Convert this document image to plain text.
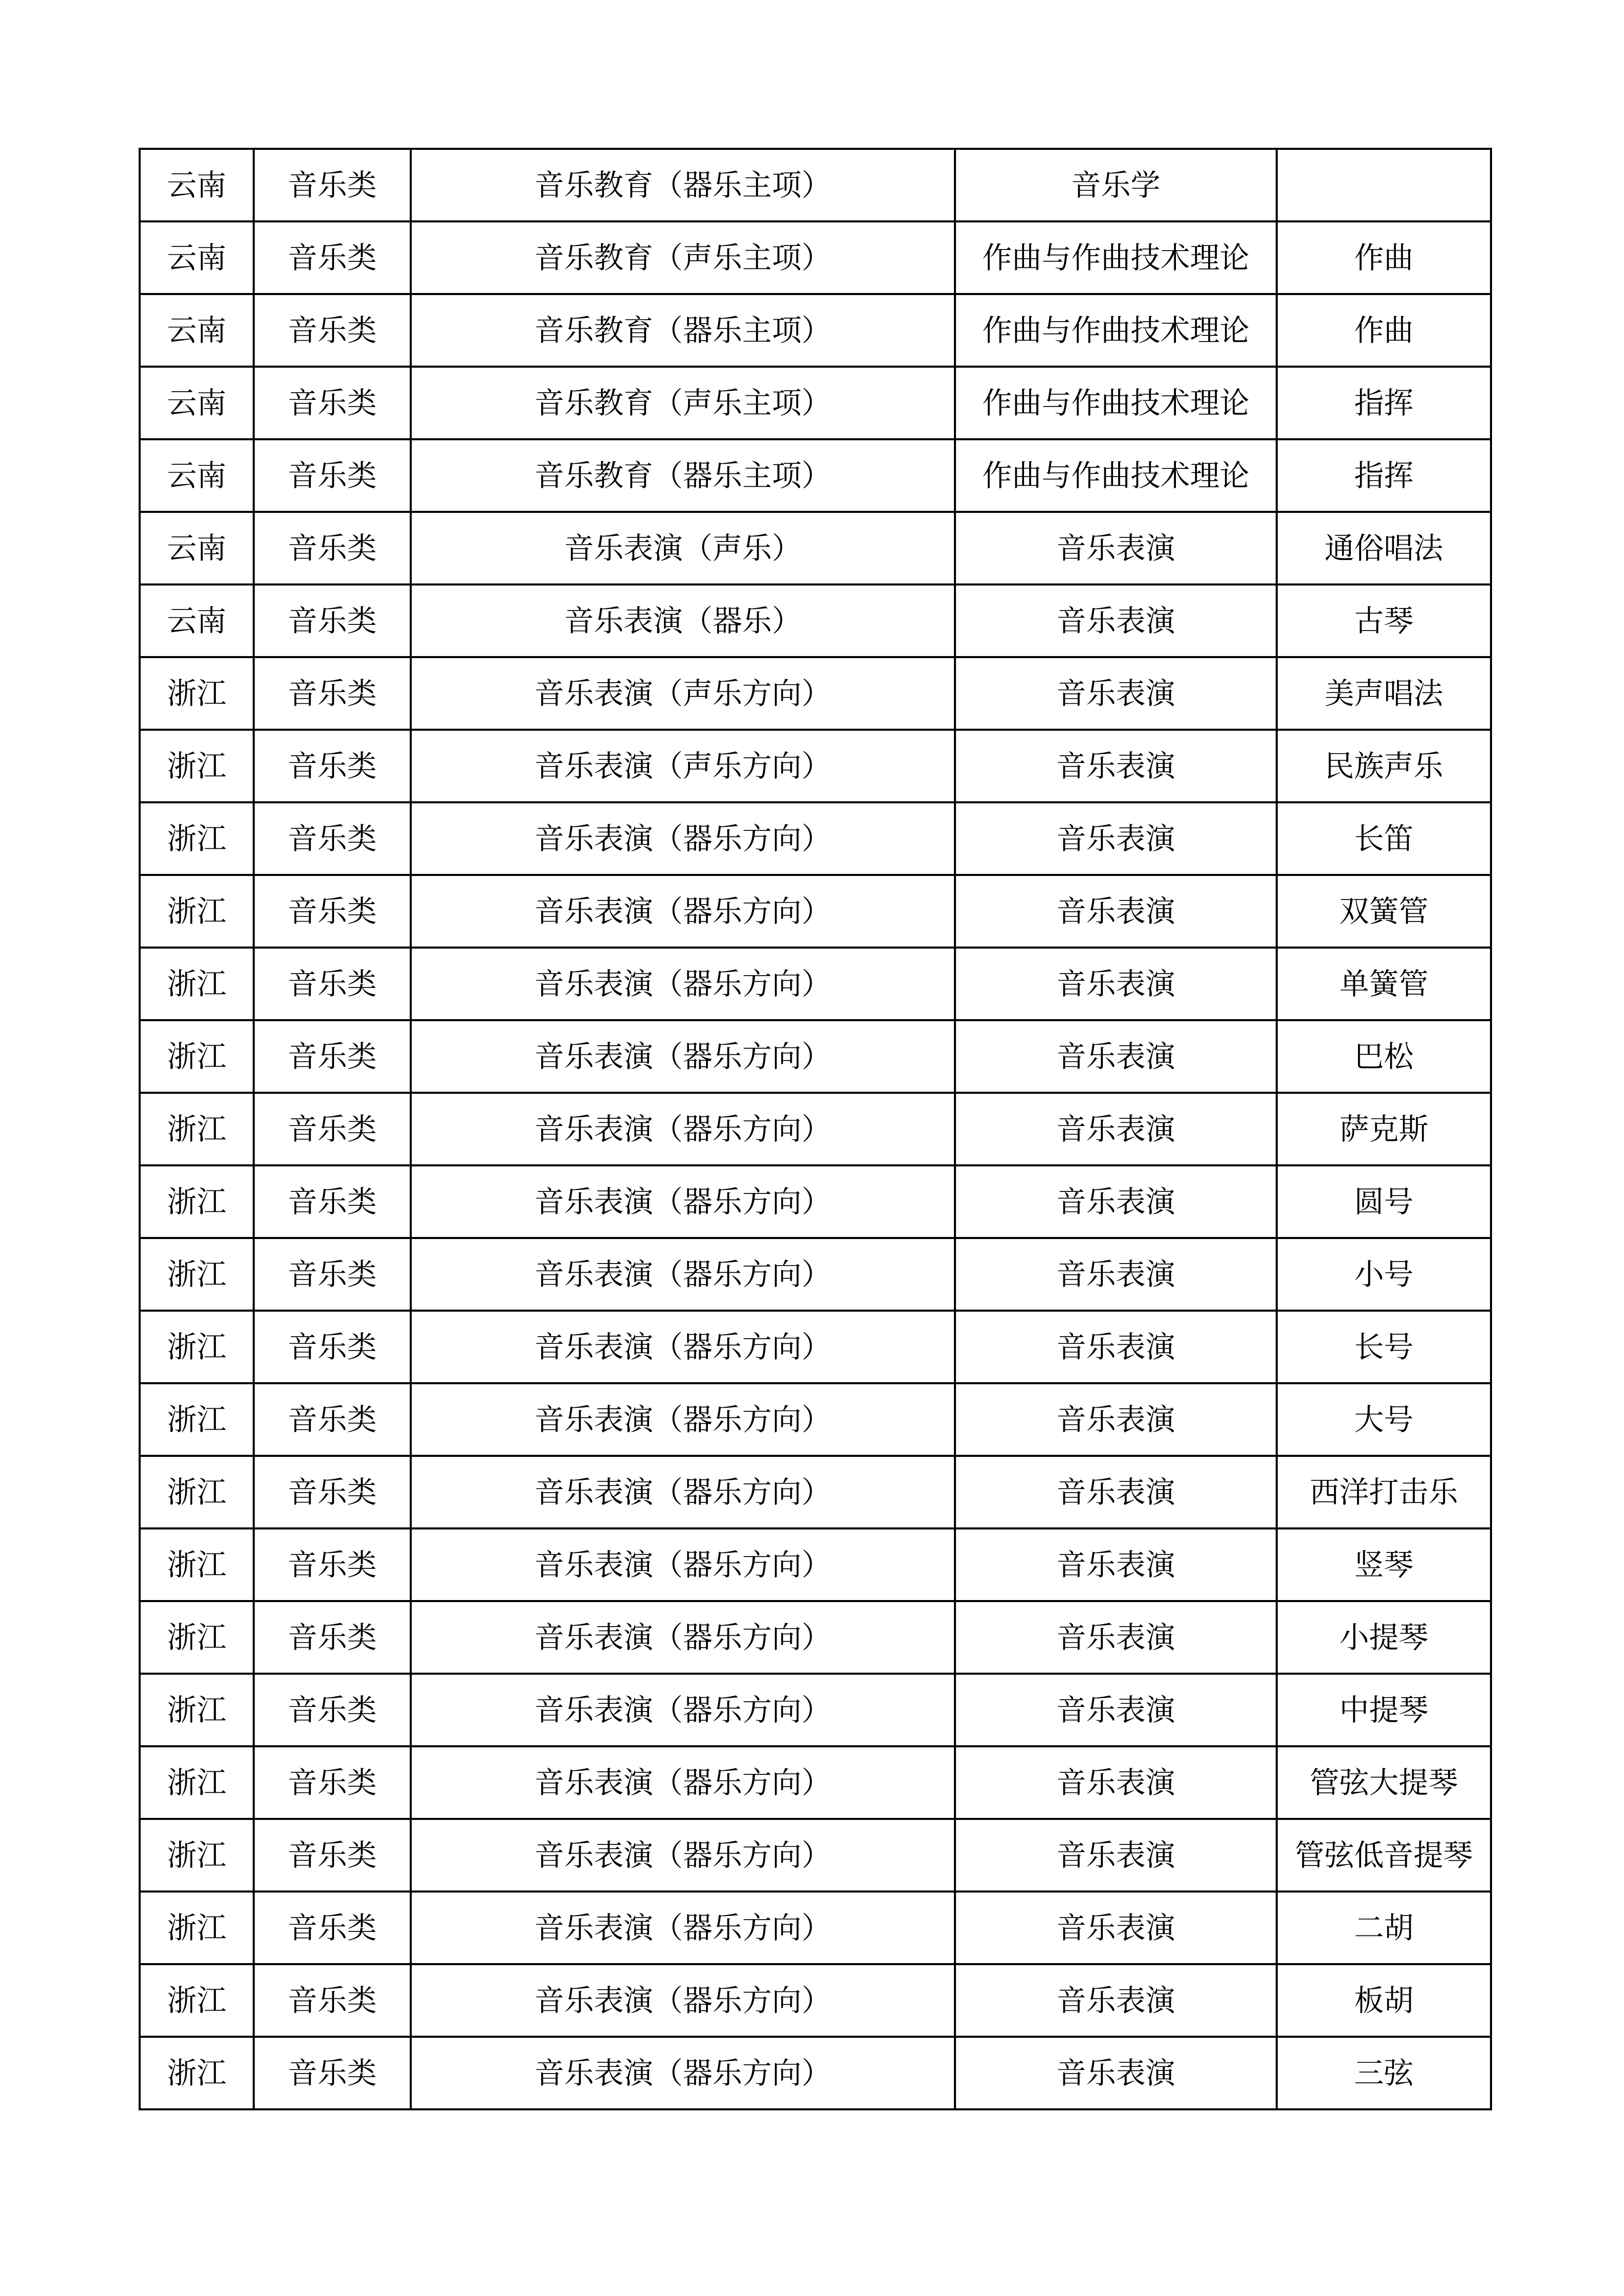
云南	音乐类	音乐教育（器乐主项）	音乐学	
云南	音乐类	音乐教育（声乐主项）	作曲与作曲技术理论	作曲
云南	音乐类	音乐教育（器乐主项）	作曲与作曲技术理论	作曲
云南	音乐类	音乐教育（声乐主项）	作曲与作曲技术理论	指挥
云南	音乐类	音乐教育（器乐主项）	作曲与作曲技术理论	指挥
云南	音乐类	音乐表演（声乐）	音乐表演	通俗唱法
云南	音乐类	音乐表演（器乐）	音乐表演	古琴
浙江	音乐类	音乐表演（声乐方向）	音乐表演	美声唱法
浙江	音乐类	音乐表演（声乐方向）	音乐表演	民族声乐
浙江	音乐类	音乐表演（器乐方向）	音乐表演	长笛
浙江	音乐类	音乐表演（器乐方向）	音乐表演	双簧管
浙江	音乐类	音乐表演（器乐方向）	音乐表演	单簧管
浙江	音乐类	音乐表演（器乐方向）	音乐表演	巴松
浙江	音乐类	音乐表演（器乐方向）	音乐表演	萨克斯
浙江	音乐类	音乐表演（器乐方向）	音乐表演	圆号
浙江	音乐类	音乐表演（器乐方向）	音乐表演	小号
浙江	音乐类	音乐表演（器乐方向）	音乐表演	长号
浙江	音乐类	音乐表演（器乐方向）	音乐表演	大号
浙江	音乐类	音乐表演（器乐方向）	音乐表演	西洋打击乐
浙江	音乐类	音乐表演（器乐方向）	音乐表演	竖琴
浙江	音乐类	音乐表演（器乐方向）	音乐表演	小提琴
浙江	音乐类	音乐表演（器乐方向）	音乐表演	中提琴
浙江	音乐类	音乐表演（器乐方向）	音乐表演	管弦大提琴
浙江	音乐类	音乐表演（器乐方向）	音乐表演	管弦低音提琴
浙江	音乐类	音乐表演（器乐方向）	音乐表演	二胡
浙江	音乐类	音乐表演（器乐方向）	音乐表演	板胡
浙江	音乐类	音乐表演（器乐方向）	音乐表演	三弦
